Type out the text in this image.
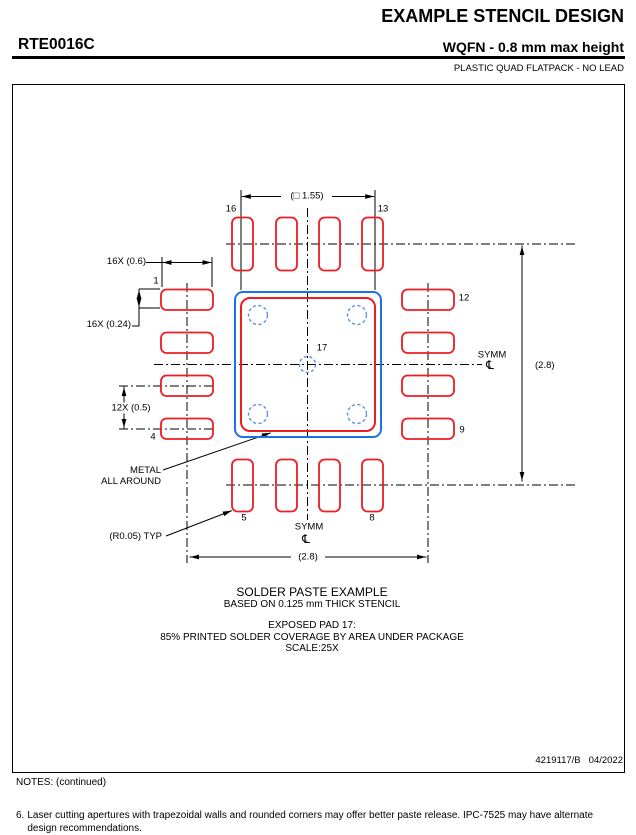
EXAMPLE STENCIL DESIGN
RTE0016C	WQFN - 0.8 mm max height
PLASTIC QUAD FLATPACK - NO LEAD
(□ 1.55)
16	13
16X (0.6)
1
16X (0.24)
12X (0.5)
4
12
9
17
SYMM
℄	(2.8)
METAL
ALL AROUND
(R0.05) TYP
5	8
SYMM
℄
(2.8)
SOLDER PASTE EXAMPLE
BASED ON 0.125 mm THICK STENCIL
EXPOSED PAD 17:
85% PRINTED SOLDER COVERAGE BY AREA UNDER PACKAGE
SCALE:25X
4219117/B 04/2022
NOTES: (continued)
6. Laser cutting apertures with trapezoidal walls and rounded corners may offer better paste release. IPC-7525 may have alternate design recommendations.
